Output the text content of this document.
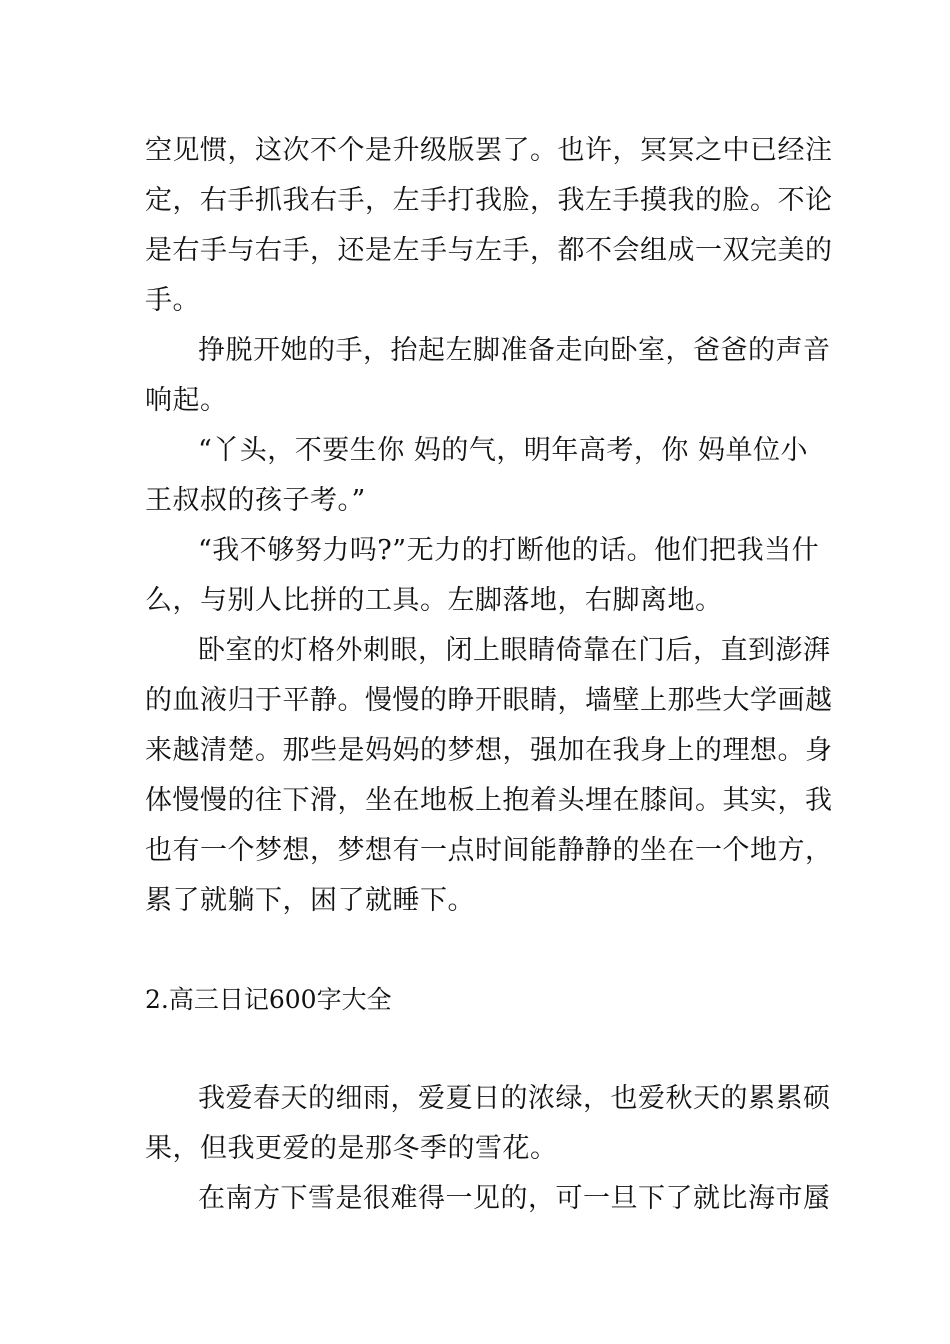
空见惯，这次不个是升级版罢了。也许，冥冥之中已经注
定，右手抓我右手，左手打我脸，我左手摸我的脸。不论
是右手与右手，还是左手与左手，都不会组成一双完美的
手。
挣脱开她的手，抬起左脚准备走向卧室，爸爸的声音
响起。
“丫头，不要生你 妈的气，明年高考，你 妈单位小
王叔叔的孩子考。”
“我不够努力吗?”无力的打断他的话。他们把我当什
么，与别人比拼的工具。左脚落地，右脚离地。
卧室的灯格外刺眼，闭上眼睛倚靠在门后，直到澎湃
的血液归于平静。慢慢的睁开眼睛，墙壁上那些大学画越
来越清楚。那些是妈妈的梦想，强加在我身上的理想。身
体慢慢的往下滑，坐在地板上抱着头埋在膝间。其实，我
也有一个梦想，梦想有一点时间能静静的坐在一个地方，
累了就躺下，困了就睡下。
2.高三日记600字大全
我爱春天的细雨，爱夏日的浓绿，也爱秋天的累累硕
果，但我更爱的是那冬季的雪花。
在南方下雪是很难得一见的，可一旦下了就比海市蜃
